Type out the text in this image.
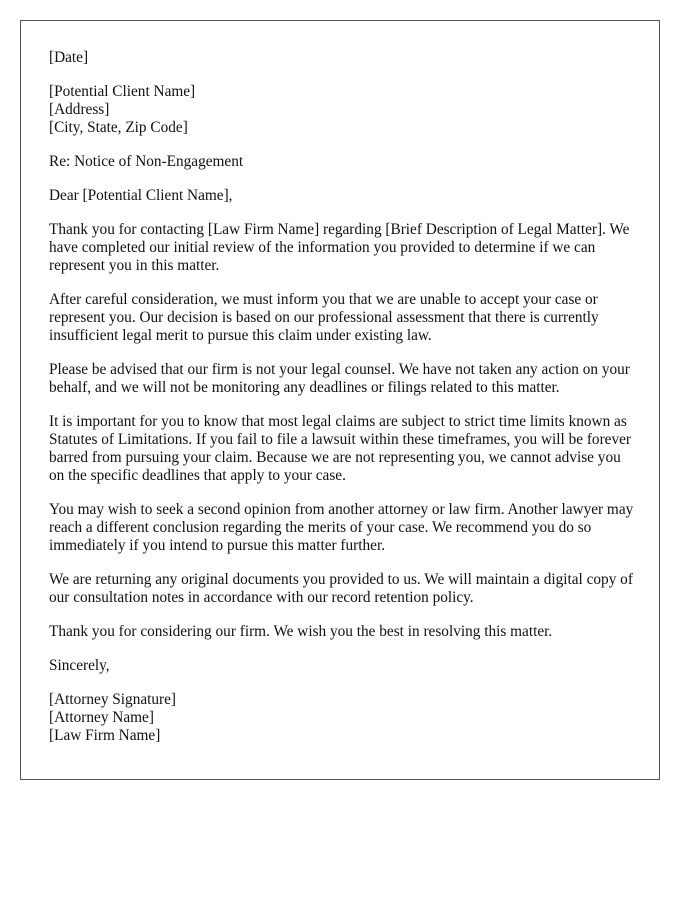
[Date]

[Potential Client Name]
[Address]
[City, State, Zip Code]

Re: Notice of Non-Engagement

Dear [Potential Client Name],

Thank you for contacting [Law Firm Name] regarding [Brief Description of Legal Matter]. We have completed our initial review of the information you provided to determine if we can represent you in this matter.

After careful consideration, we must inform you that we are unable to accept your case or represent you. Our decision is based on our professional assessment that there is currently insufficient legal merit to pursue this claim under existing law.

Please be advised that our firm is not your legal counsel. We have not taken any action on your behalf, and we will not be monitoring any deadlines or filings related to this matter.

It is important for you to know that most legal claims are subject to strict time limits known as Statutes of Limitations. If you fail to file a lawsuit within these timeframes, you will be forever barred from pursuing your claim. Because we are not representing you, we cannot advise you on the specific deadlines that apply to your case.

You may wish to seek a second opinion from another attorney or law firm. Another lawyer may reach a different conclusion regarding the merits of your case. We recommend you do so immediately if you intend to pursue this matter further.

We are returning any original documents you provided to us. We will maintain a digital copy of our consultation notes in accordance with our record retention policy.

Thank you for considering our firm. We wish you the best in resolving this matter.

Sincerely,

[Attorney Signature]
[Attorney Name]
[Law Firm Name]
